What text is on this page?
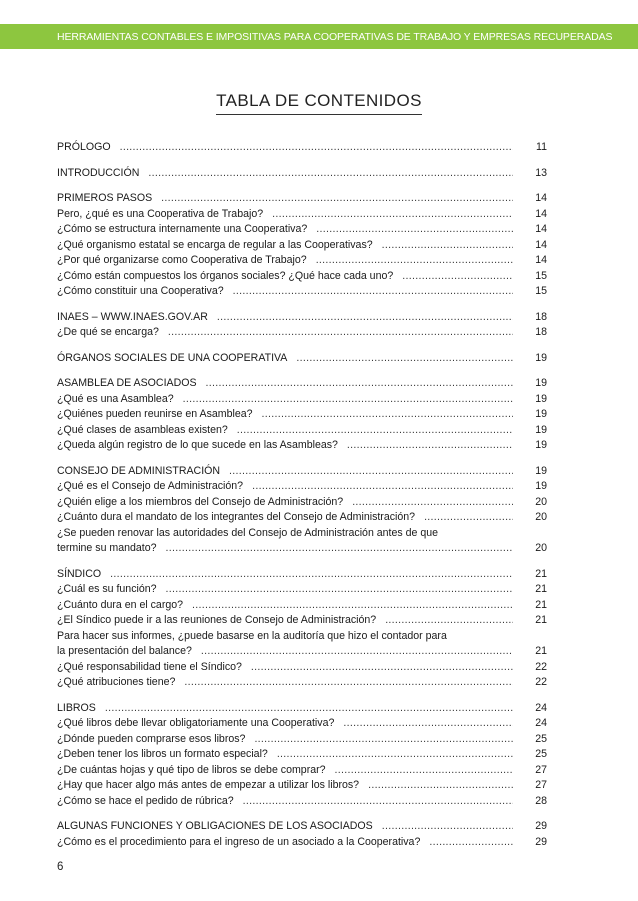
HERRAMIENTAS CONTABLES E IMPOSITIVAS PARA COOPERATIVAS DE TRABAJO Y EMPRESAS RECUPERADAS
TABLA DE CONTENIDOS
PRÓLOGO .....	11
INTRODUCCIÓN .....	13
PRIMEROS PASOS .....	14
Pero, ¿qué es una Cooperativa de Trabajo? .....	14
¿Cómo se estructura internamente una Cooperativa? .....	14
¿Qué organismo estatal se encarga de regular a las Cooperativas? .....	14
¿Por qué organizarse como Cooperativa de Trabajo? .....	14
¿Cómo están compuestos los órganos sociales? ¿Qué hace cada uno? .....	15
¿Cómo constituir una Cooperativa? .....	15
INAES – WWW.INAES.GOV.AR .....	18
¿De qué se encarga? .....	18
ÓRGANOS SOCIALES DE UNA COOPERATIVA .....	19
ASAMBLEA DE ASOCIADOS .....	19
¿Qué es una Asamblea? .....	19
¿Quiénes pueden reunirse en Asamblea? .....	19
¿Qué clases de asambleas existen? .....	19
¿Queda algún registro de lo que sucede en las Asambleas? .....	19
CONSEJO DE ADMINISTRACIÓN .....	19
¿Qué es el Consejo de Administración? .....	19
¿Quién elige a los miembros del Consejo de Administración? .....	20
¿Cuánto dura el mandato de los integrantes del Consejo de Administración? .....	20
¿Se pueden renovar las autoridades del Consejo de Administración antes de que
termine su mandato? .....	20
SÍNDICO .....	21
¿Cuál es su función? .....	21
¿Cuánto dura en el cargo? .....	21
¿El Síndico puede ir a las reuniones de Consejo de Administración? .....	21
Para hacer sus informes, ¿puede basarse en la auditoría que hizo el contador para
la presentación del balance? .....	21
¿Qué responsabilidad tiene el Síndico? .....	22
¿Qué atribuciones tiene? .....	22
LIBROS .....	24
¿Qué libros debe llevar obligatoriamente una Cooperativa? .....	24
¿Dónde pueden comprarse esos libros? .....	25
¿Deben tener los libros un formato especial? .....	25
¿De cuántas hojas y qué tipo de libros se debe comprar? .....	27
¿Hay que hacer algo más antes de empezar a utilizar los libros? .....	27
¿Cómo se hace el pedido de rúbrica? .....	28
ALGUNAS FUNCIONES Y OBLIGACIONES DE LOS ASOCIADOS .....	29
¿Cómo es el procedimiento para el ingreso de un asociado a la Cooperativa? .....	29
6
